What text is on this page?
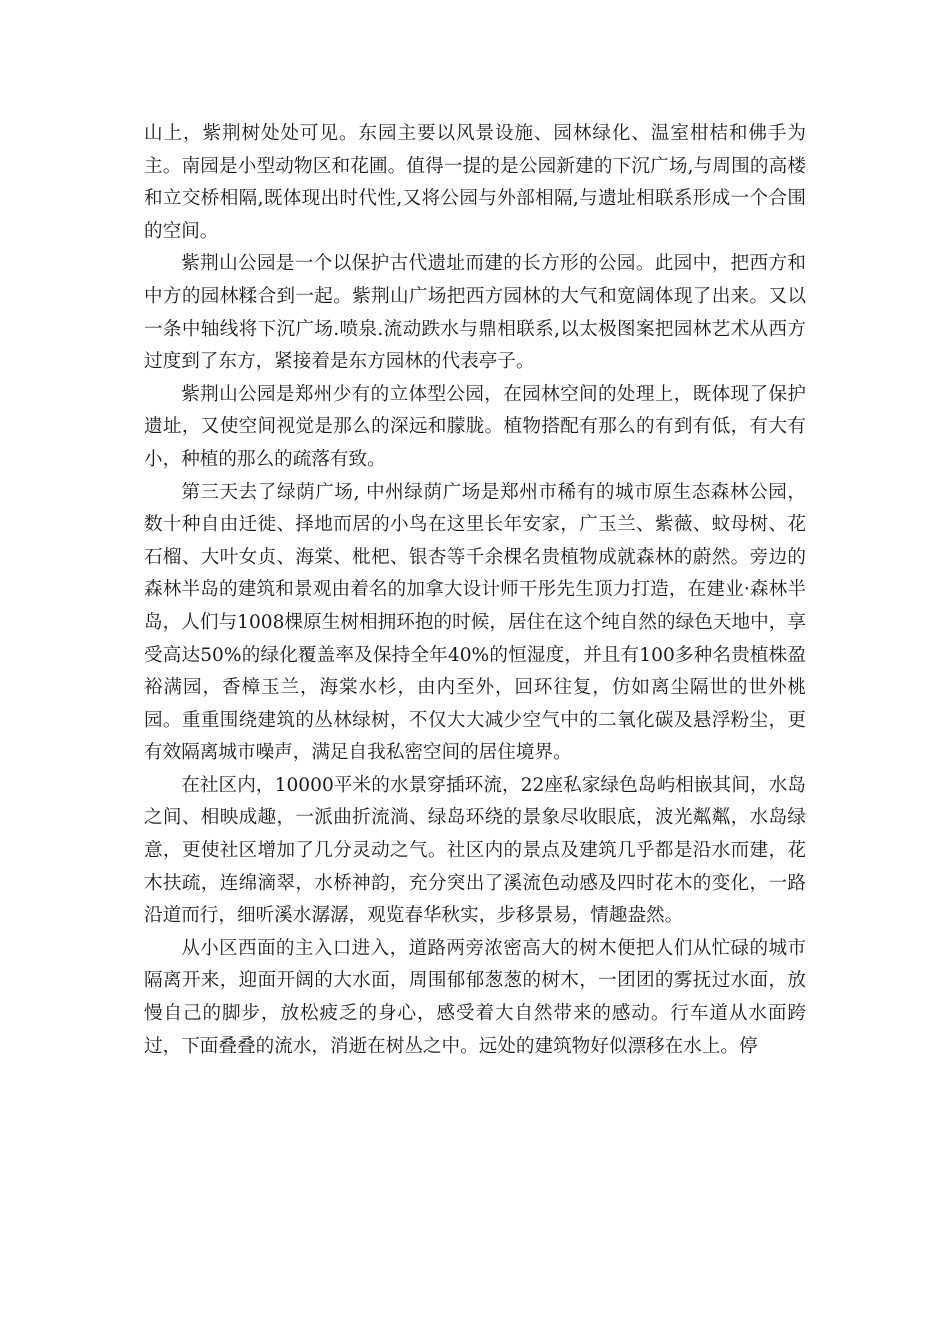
山上，紫荆树处处可见。东园主要以风景设施、园林绿化、温室柑桔和佛手为主。南园是小型动物区和花圃。值得一提的是公园新建的下沉广场,与周围的高楼和立交桥相隔,既体现出时代性,又将公园与外部相隔,与遗址相联系形成一个合围的空间。

紫荆山公园是一个以保护古代遗址而建的长方形的公园。此园中，把西方和中方的园林糅合到一起。紫荆山广场把西方园林的大气和宽阔体现了出来。又以一条中轴线将下沉广场.喷泉.流动跌水与鼎相联系,以太极图案把园林艺术从西方过度到了东方，紧接着是东方园林的代表亭子。

紫荆山公园是郑州少有的立体型公园，在园林空间的处理上，既体现了保护遗址，又使空间视觉是那么的深远和朦胧。植物搭配有那么的有到有低，有大有小，种植的那么的疏落有致。

第三天去了绿荫广场, 中州绿荫广场是郑州市稀有的城市原生态森林公园，数十种自由迁徙、择地而居的小鸟在这里长年安家，广玉兰、紫薇、蚊母树、花石榴、大叶女贞、海棠、枇杷、银杏等千余棵名贵植物成就森林的蔚然。旁边的森林半岛的建筑和景观由着名的加拿大设计师干彤先生顶力打造，在建业·森林半岛，人们与1008棵原生树相拥环抱的时候，居住在这个纯自然的绿色天地中，享受高达50%的绿化覆盖率及保持全年40%的恒湿度，并且有100多种名贵植株盈裕满园，香樟玉兰，海棠水杉，由内至外，回环往复，仿如离尘隔世的世外桃园。重重围绕建筑的丛林绿树，不仅大大减少空气中的二氧化碳及悬浮粉尘，更有效隔离城市噪声，满足自我私密空间的居住境界。

在社区内，10000平米的水景穿插环流，22座私家绿色岛屿相嵌其间，水岛之间、相映成趣，一派曲折流淌、绿岛环绕的景象尽收眼底，波光粼粼，水岛绿意，更使社区增加了几分灵动之气。社区内的景点及建筑几乎都是沿水而建，花木扶疏，连绵滴翠，水桥神韵，充分突出了溪流色动感及四时花木的变化，一路沿道而行，细听溪水潺潺，观览春华秋实，步移景易，情趣盎然。

从小区西面的主入口进入，道路两旁浓密高大的树木便把人们从忙碌的城市隔离开来，迎面开阔的大水面，周围郁郁葱葱的树木，一团团的雾抚过水面，放慢自己的脚步，放松疲乏的身心，感受着大自然带来的感动。行车道从水面跨过，下面叠叠的流水，消逝在树丛之中。远处的建筑物好似漂移在水上。停
